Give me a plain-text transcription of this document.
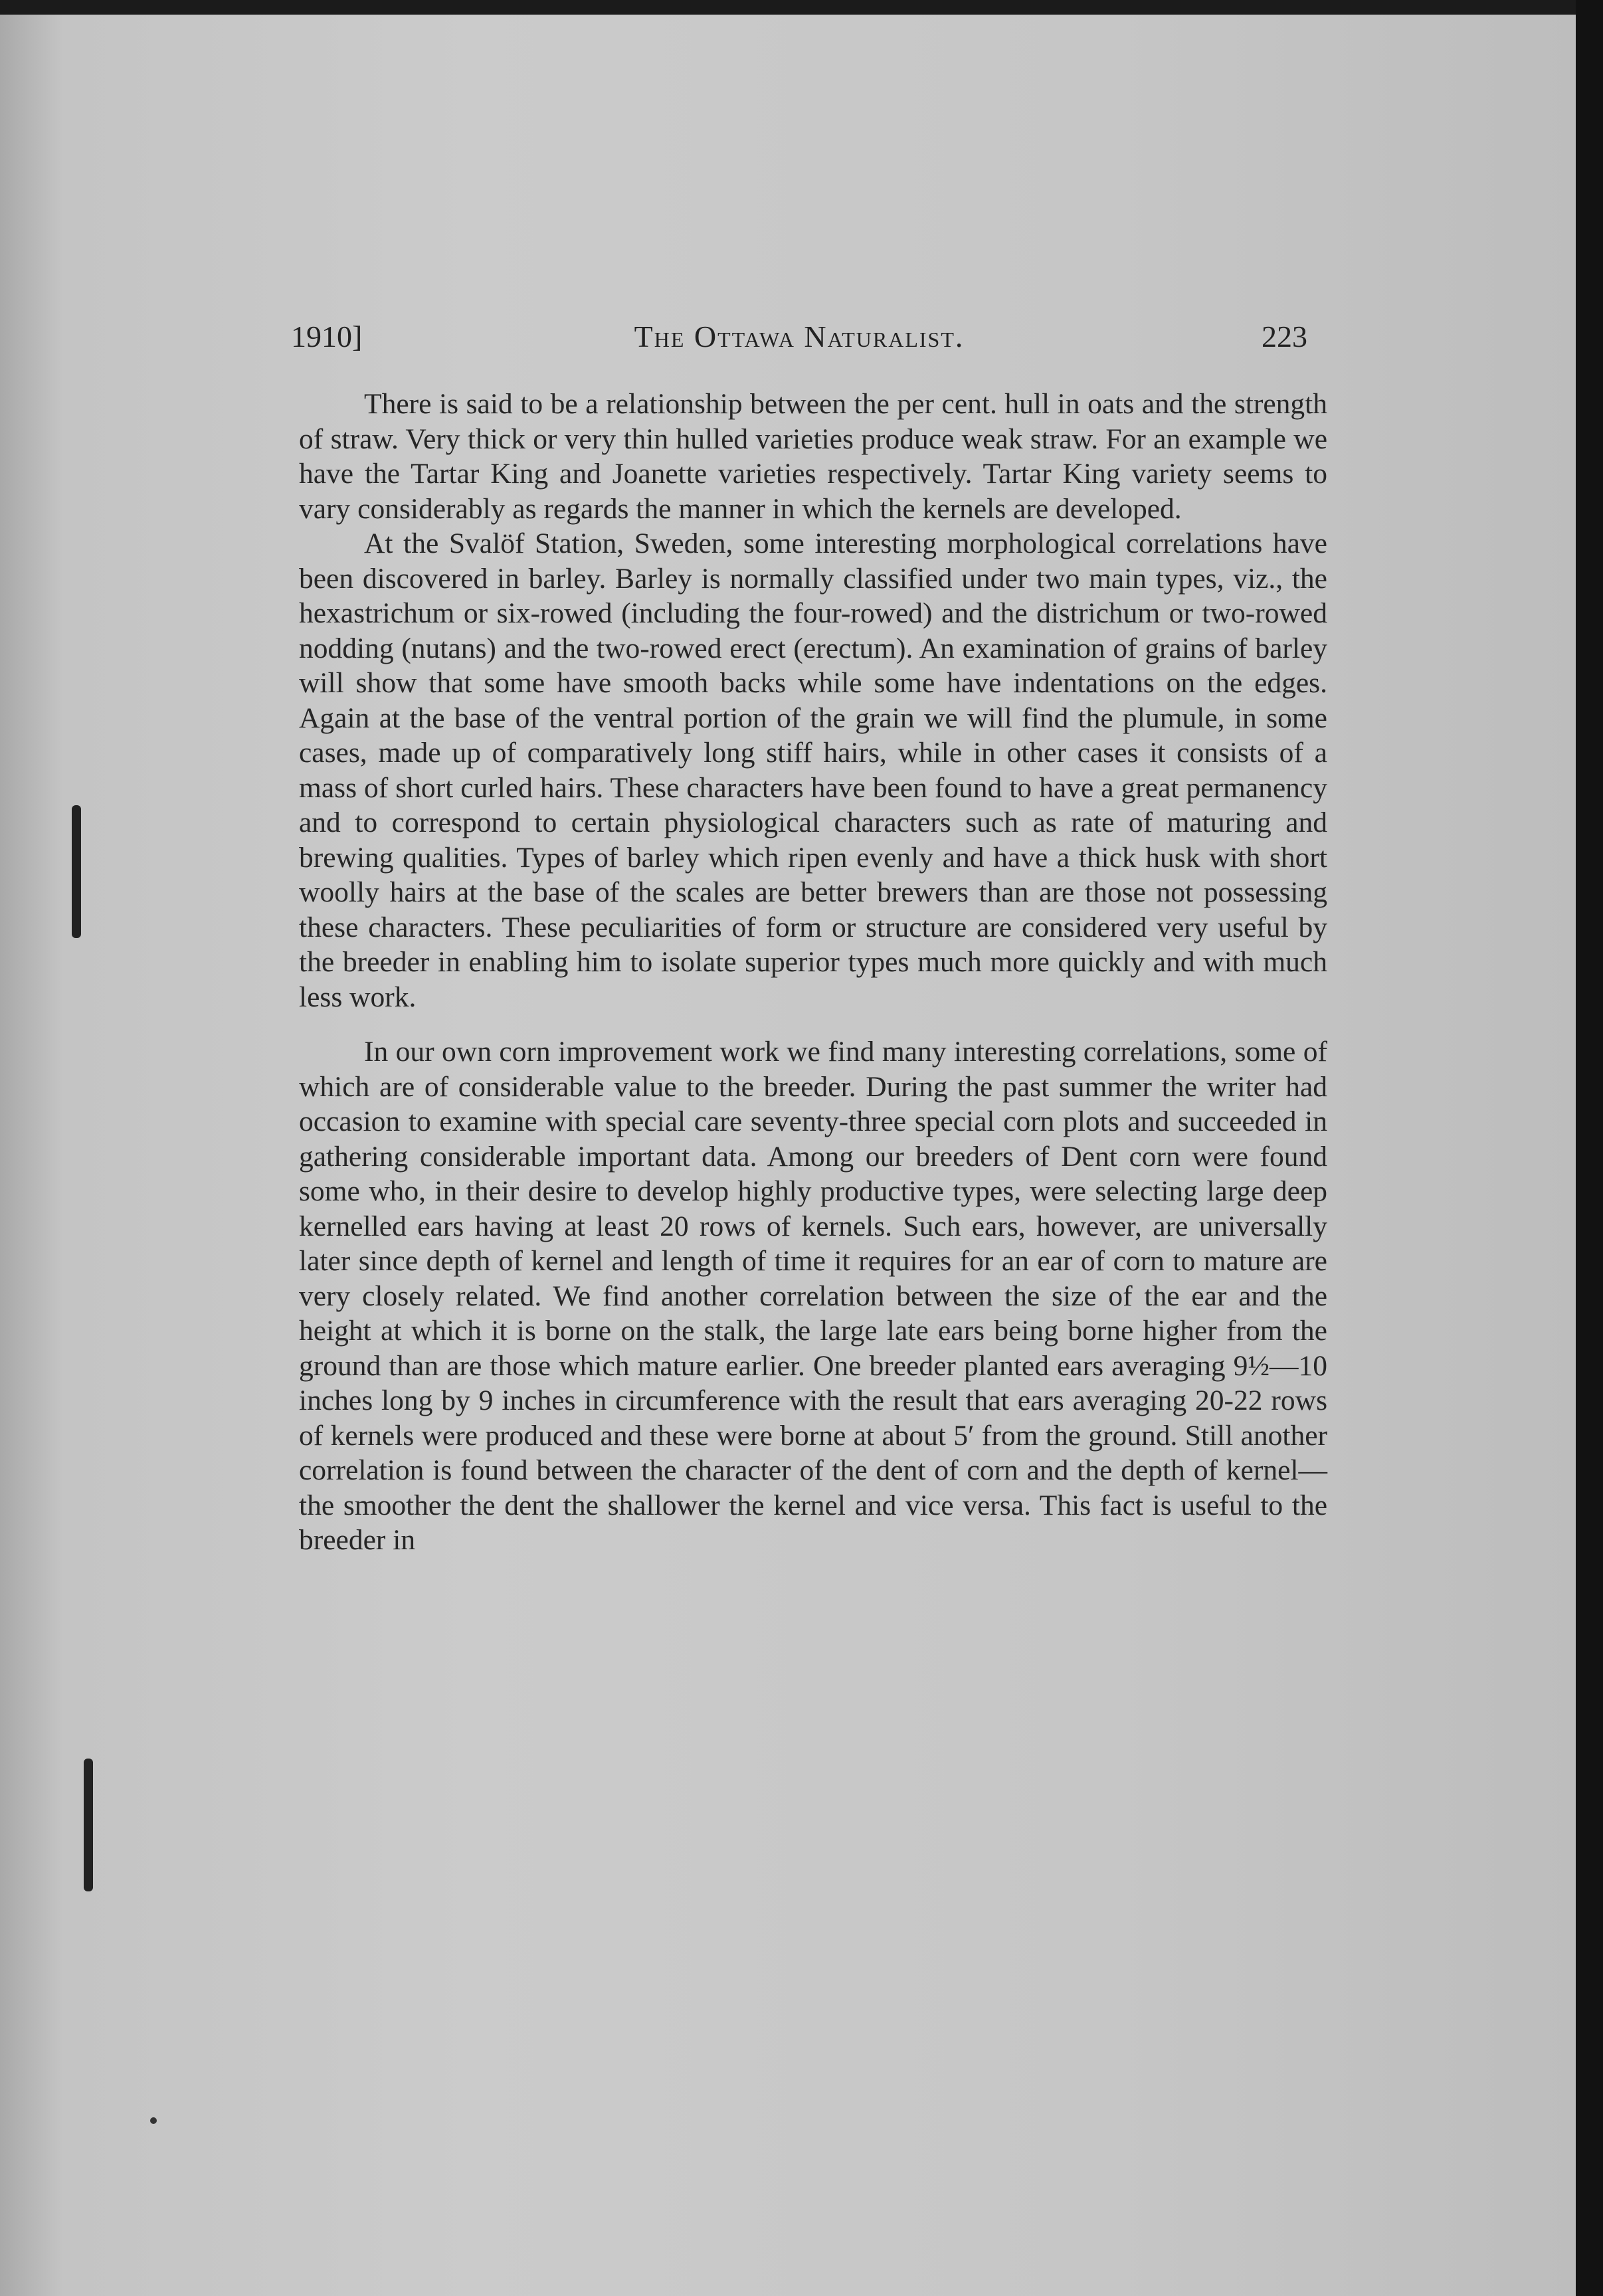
1910]	The Ottawa Naturalist.	223

There is said to be a relationship between the per cent. hull in oats and the strength of straw. Very thick or very thin hulled varieties produce weak straw. For an example we have the Tartar King and Joanette varieties respectively. Tartar King variety seems to vary considerably as regards the manner in which the kernels are developed.

At the Svalöf Station, Sweden, some interesting morphological correlations have been discovered in barley. Barley is normally classified under two main types, viz., the hexastrichum or six-rowed (including the four-rowed) and the districhum or two-rowed nodding (nutans) and the two-rowed erect (erectum). An examination of grains of barley will show that some have smooth backs while some have indentations on the edges. Again at the base of the ventral portion of the grain we will find the plumule, in some cases, made up of comparatively long stiff hairs, while in other cases it consists of a mass of short curled hairs. These characters have been found to have a great permanency and to correspond to certain physiological characters such as rate of maturing and brewing qualities. Types of barley which ripen evenly and have a thick husk with short woolly hairs at the base of the scales are better brewers than are those not possessing these characters. These peculiarities of form or structure are considered very useful by the breeder in enabling him to isolate superior types much more quickly and with much less work.

In our own corn improvement work we find many interesting correlations, some of which are of considerable value to the breeder. During the past summer the writer had occasion to examine with special care seventy-three special corn plots and succeeded in gathering considerable important data. Among our breeders of Dent corn were found some who, in their desire to develop highly productive types, were selecting large deep kernelled ears having at least 20 rows of kernels. Such ears, however, are universally later since depth of kernel and length of time it requires for an ear of corn to mature are very closely related. We find another correlation between the size of the ear and the height at which it is borne on the stalk, the large late ears being borne higher from the ground than are those which mature earlier. One breeder planted ears averaging 9½—10 inches long by 9 inches in circumference with the result that ears averaging 20-22 rows of kernels were produced and these were borne at about 5′ from the ground. Still another correlation is found between the character of the dent of corn and the depth of kernel—the smoother the dent the shallower the kernel and vice versa. This fact is useful to the breeder in
